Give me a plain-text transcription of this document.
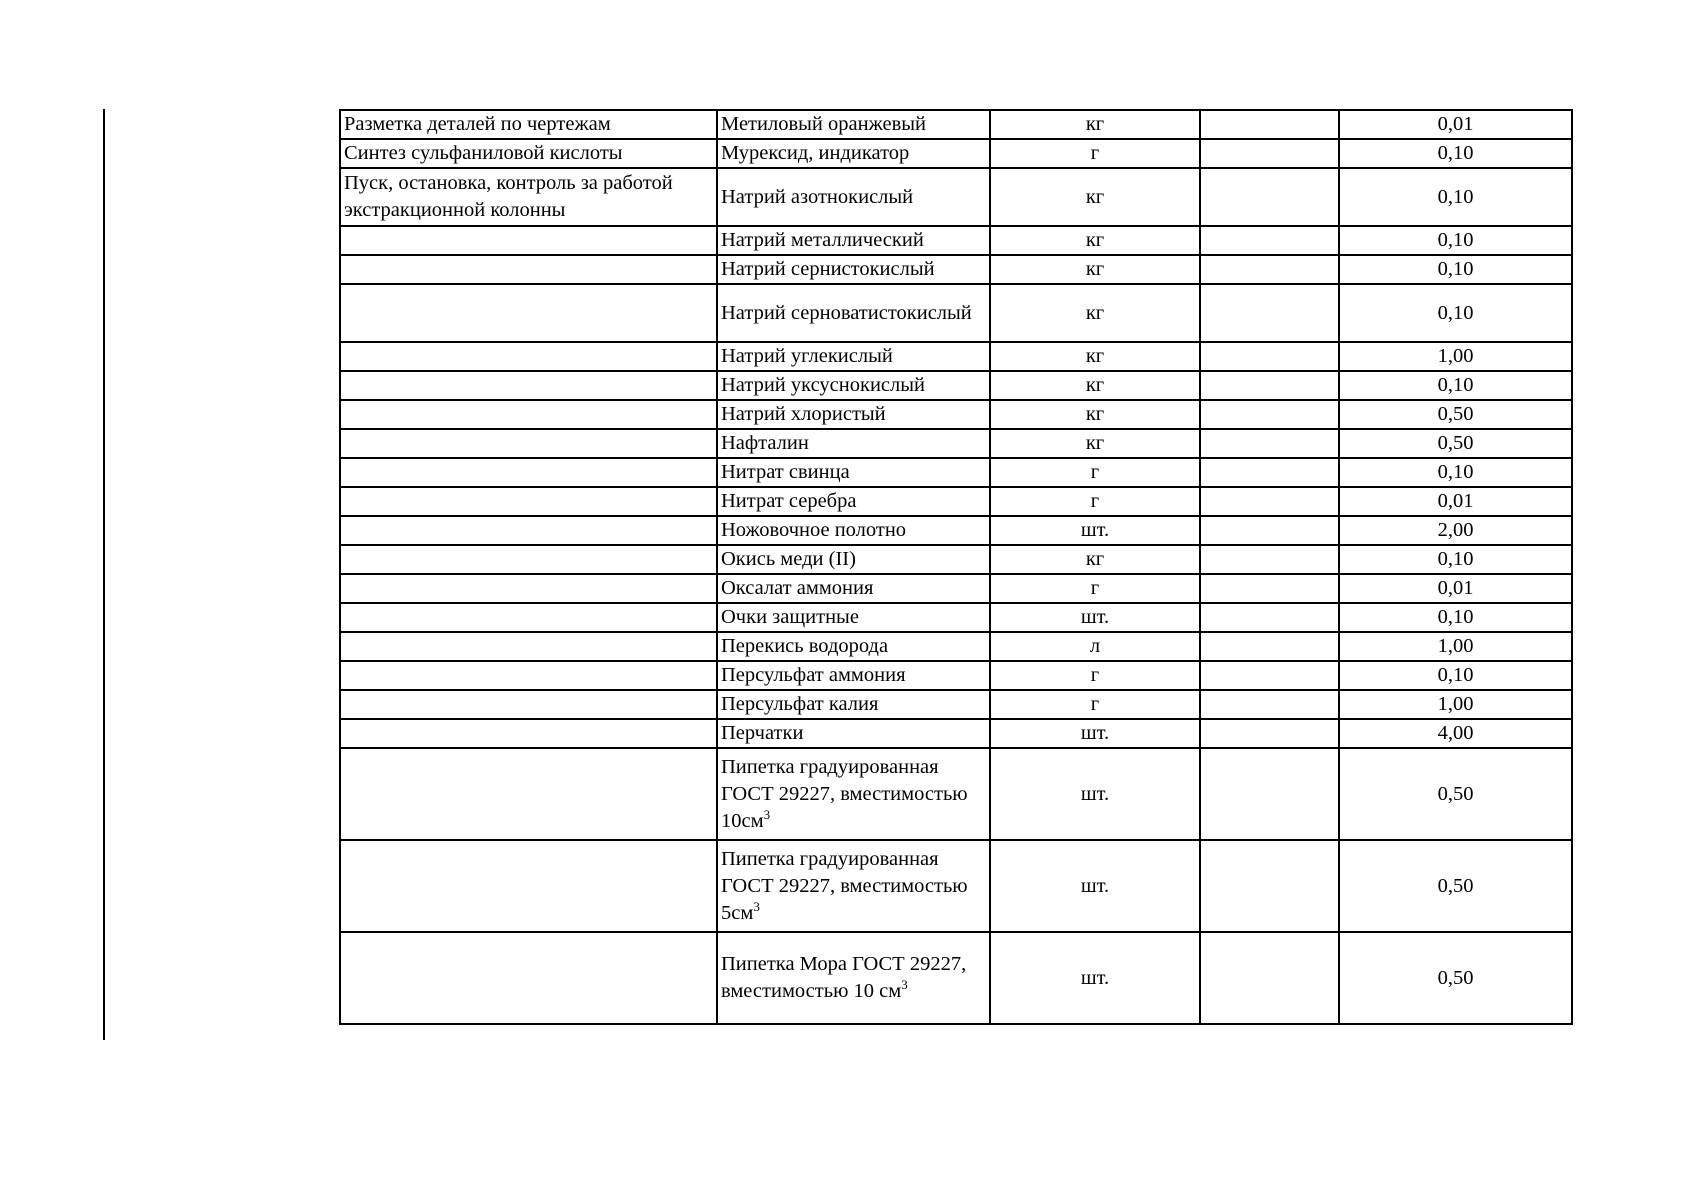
Разметка деталей по чертежам	Метиловый оранжевый	кг		0,01
Синтез сульфаниловой кислоты	Мурексид, индикатор	г		0,10
Пуск, остановка, контроль за работой экстракционной колонны	Натрий азотнокислый	кг		0,10
	Натрий металлический	кг		0,10
	Натрий сернистокислый	кг		0,10
	Натрий серноватистокислый	кг		0,10
	Натрий углекислый	кг		1,00
	Натрий уксуснокислый	кг		0,10
	Натрий хлористый	кг		0,50
	Нафталин	кг		0,50
	Нитрат свинца	г		0,10
	Нитрат серебра	г		0,01
	Ножовочное полотно	шт.		2,00
	Окись меди (II)	кг		0,10
	Оксалат аммония	г		0,01
	Очки защитные	шт.		0,10
	Перекись водорода	л		1,00
	Персульфат аммония	г		0,10
	Персульфат калия	г		1,00
	Перчатки	шт.		4,00
	Пипетка градуированная ГОСТ 29227, вместимостью $10см^3$	шт.		0,50
	Пипетка градуированная ГОСТ 29227, вместимостью $5см^3$	шт.		0,50
	Пипетка Мора ГОСТ 29227, вместимостью 10 $см^3$	шт.		0,50
